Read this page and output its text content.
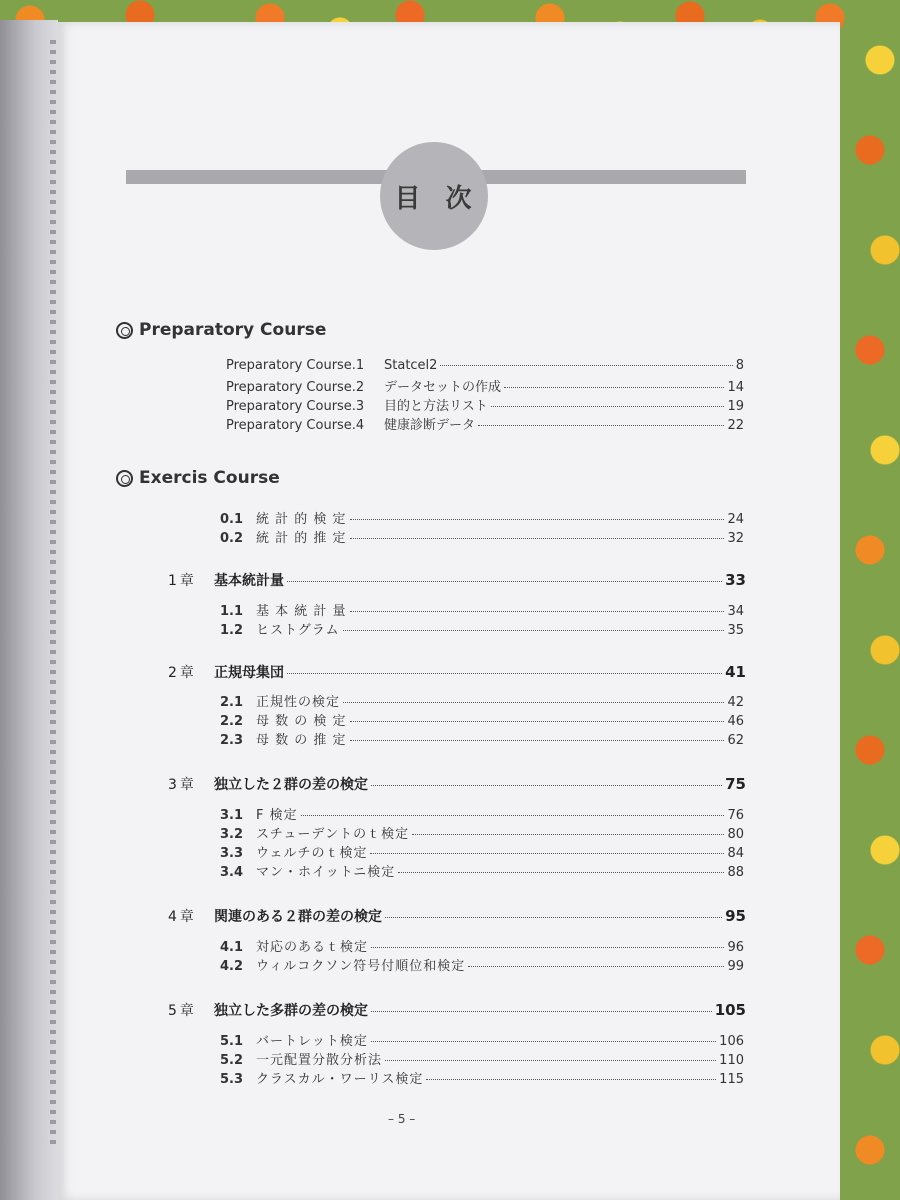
目 次
Preparatory Course
Preparatory Course.1	Statcel2	8
Preparatory Course.2	データセットの作成	14
Preparatory Course.3	目的と方法リスト	19
Preparatory Course.4	健康診断データ	22
Exercis Course
0.1 統 計 的 検 定	24
0.2 統 計 的 推 定	32
1章	基本統計量	33
1.1 基 本 統 計 量	34
1.2 ヒストグラム	35
2章	正規母集団	41
2.1 正規性の検定	42
2.2 母 数 の 検 定	46
2.3 母 数 の 推 定	62
3章	独立した２群の差の検定	75
3.1 F 検定	76
3.2 スチューデントのｔ検定	80
3.3 ウェルチのｔ検定	84
3.4 マン・ホイットニ検定	88
4章	関連のある２群の差の検定	95
4.1 対応のあるｔ検定	96
4.2 ウィルコクソン符号付順位和検定	99
5章	独立した多群の差の検定	105
5.1 バートレット検定	106
5.2 一元配置分散分析法	110
5.3 クラスカル・ワーリス検定	115
– 5 –
